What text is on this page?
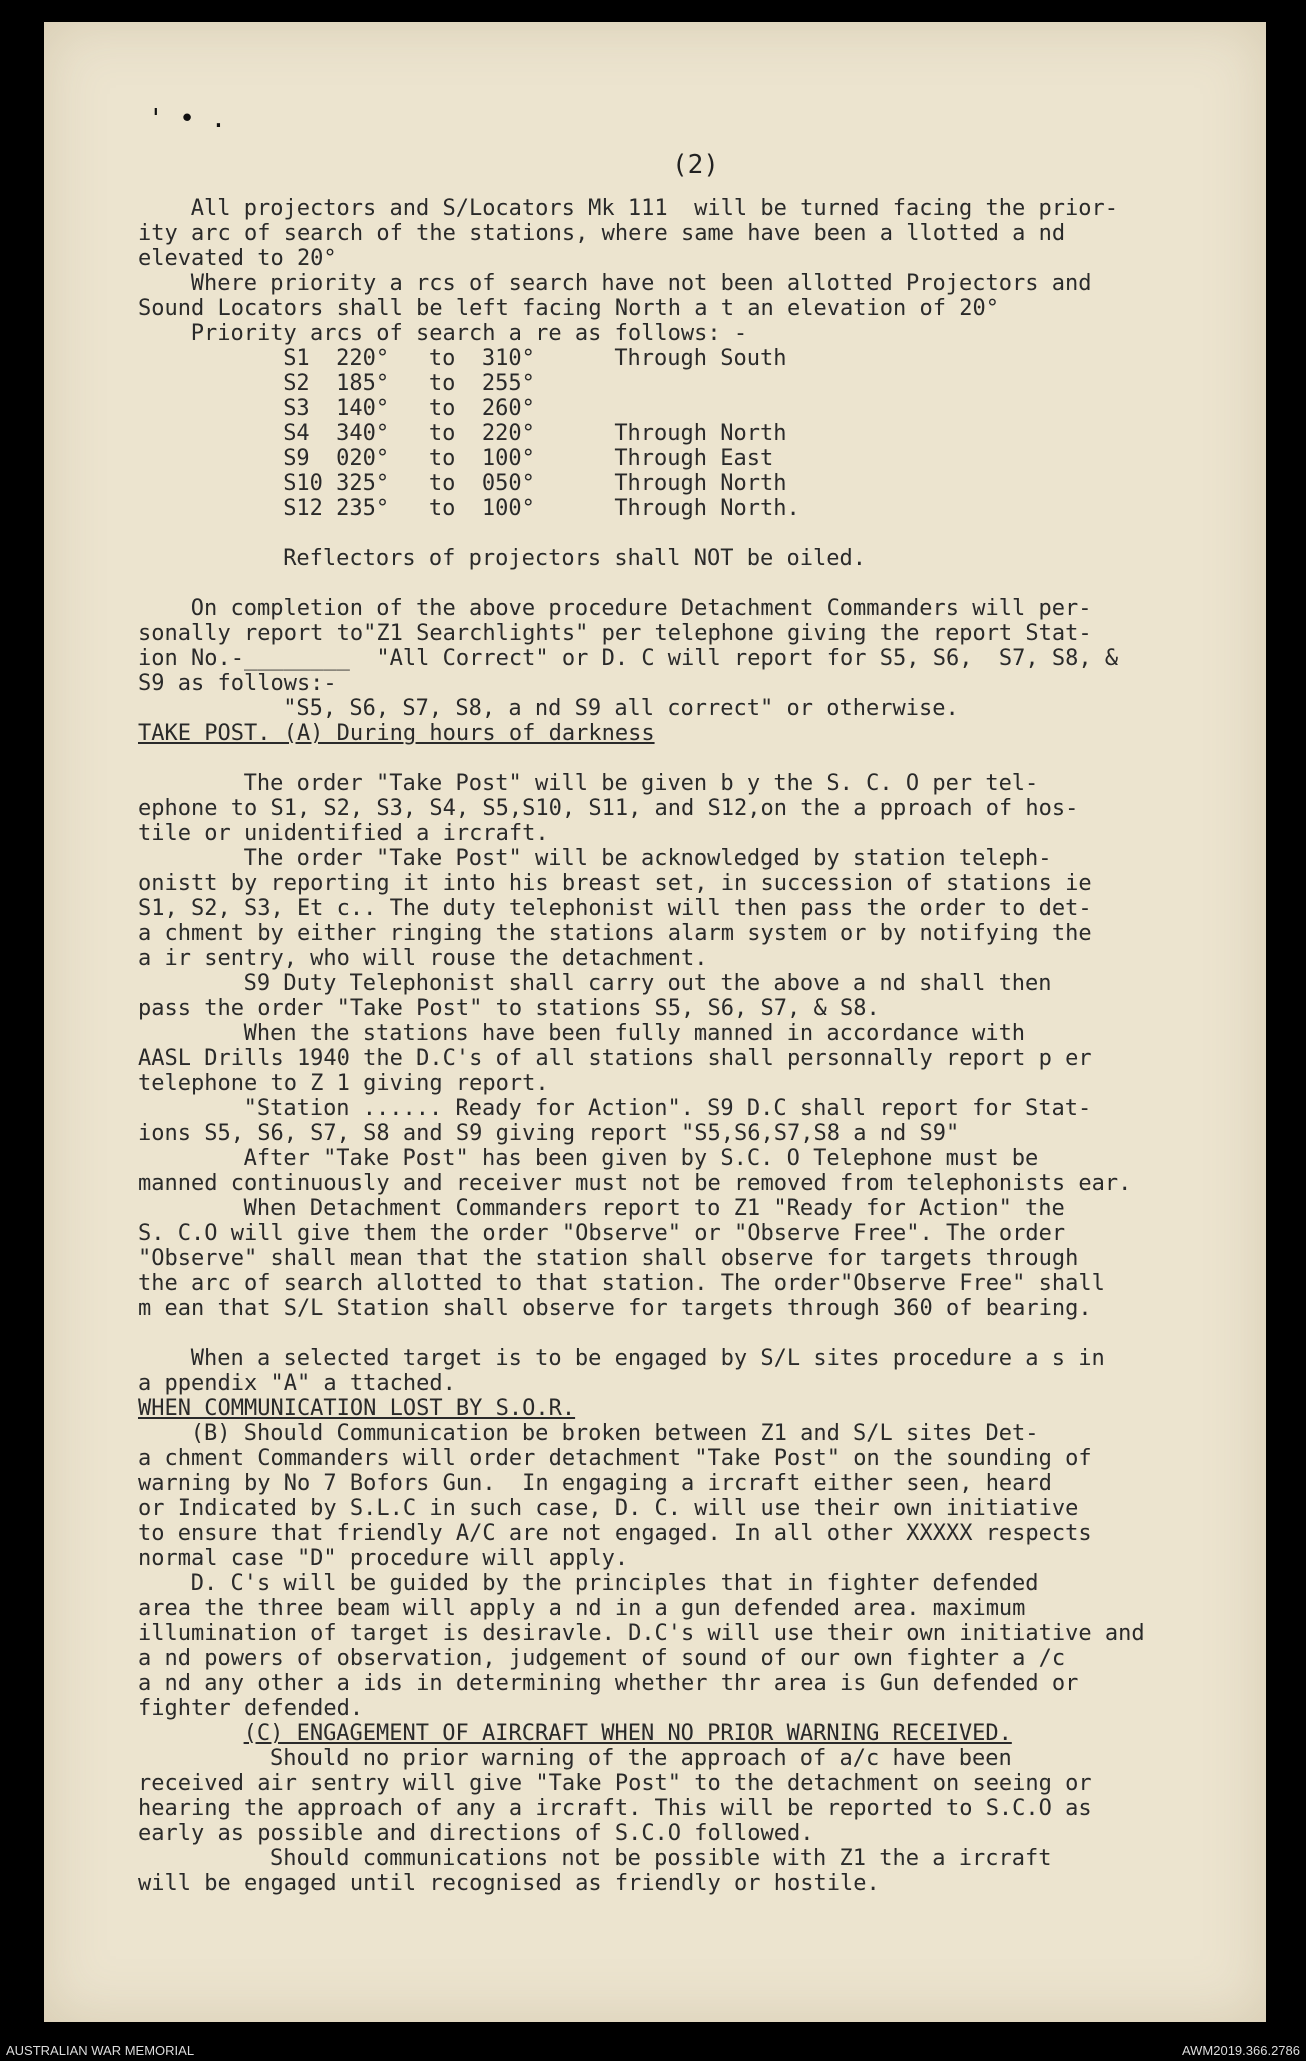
' • .
(2)
All projectors and S/Locators Mk 111  will be turned facing the prior-
ity arc of search of the stations, where same have been a llotted a nd
elevated to 20°
Where priority a rcs of search have not been allotted Projectors and
Sound Locators shall be left facing North a t an elevation of 20°
Priority arcs of search a re as follows: -
S1  220°   to  310°      Through South
S2  185°   to  255°
S3  140°   to  260°
S4  340°   to  220°      Through North
S9  020°   to  100°      Through East
S10 325°   to  050°      Through North
S12 235°   to  100°      Through North.
Reflectors of projectors shall NOT be oiled.
On completion of the above procedure Detachment Commanders will per-
sonally report to"Z1 Searchlights" per telephone giving the report Stat-
ion No.-________  "All Correct" or D. C will report for S5, S6,  S7, S8, &
S9 as follows:-
"S5, S6, S7, S8, a nd S9 all correct" or otherwise.
TAKE POST. (A) During hours of darkness
The order "Take Post" will be given b y the S. C. O per tel-
ephone to S1, S2, S3, S4, S5,S10, S11, and S12,on the a pproach of hos-
tile or unidentified a ircraft.
The order "Take Post" will be acknowledged by station teleph-
onistt by reporting it into his breast set, in succession of stations ie
S1, S2, S3, Et c.. The duty telephonist will then pass the order to det-
a chment by either ringing the stations alarm system or by notifying the
a ir sentry, who will rouse the detachment.
S9 Duty Telephonist shall carry out the above a nd shall then
pass the order "Take Post" to stations S5, S6, S7, & S8.
When the stations have been fully manned in accordance with
AASL Drills 1940 the D.C's of all stations shall personnally report p er
telephone to Z 1 giving report.
"Station ...... Ready for Action". S9 D.C shall report for Stat-
ions S5, S6, S7, S8 and S9 giving report "S5,S6,S7,S8 a nd S9"
After "Take Post" has been given by S.C. O Telephone must be
manned continuously and receiver must not be removed from telephonists ear.
When Detachment Commanders report to Z1 "Ready for Action" the
S. C.O will give them the order "Observe" or "Observe Free". The order
"Observe" shall mean that the station shall observe for targets through
the arc of search allotted to that station. The order"Observe Free" shall
m ean that S/L Station shall observe for targets through 360 of bearing.
When a selected target is to be engaged by S/L sites procedure a s in
a ppendix "A" a ttached.
WHEN COMMUNICATION LOST BY S.O.R.
(B) Should Communication be broken between Z1 and S/L sites Det-
a chment Commanders will order detachment "Take Post" on the sounding of
warning by No 7 Bofors Gun.  In engaging a ircraft either seen, heard
or Indicated by S.L.C in such case, D. C. will use their own initiative
to ensure that friendly A/C are not engaged. In all other XXXXX respects
normal case "D" procedure will apply.
D. C's will be guided by the principles that in fighter defended
area the three beam will apply a nd in a gun defended area. maximum
illumination of target is desiravle. D.C's will use their own initiative and
a nd powers of observation, judgement of sound of our own fighter a /c
a nd any other a ids in determining whether thr area is Gun defended or
fighter defended.
(C) ENGAGEMENT OF AIRCRAFT WHEN NO PRIOR WARNING RECEIVED.
Should no prior warning of the approach of a/c have been
received air sentry will give "Take Post" to the detachment on seeing or
hearing the approach of any a ircraft. This will be reported to S.C.O as
early as possible and directions of S.C.O followed.
Should communications not be possible with Z1 the a ircraft
will be engaged until recognised as friendly or hostile.
AUSTRALIAN WAR MEMORIAL	AWM2019.366.2786
